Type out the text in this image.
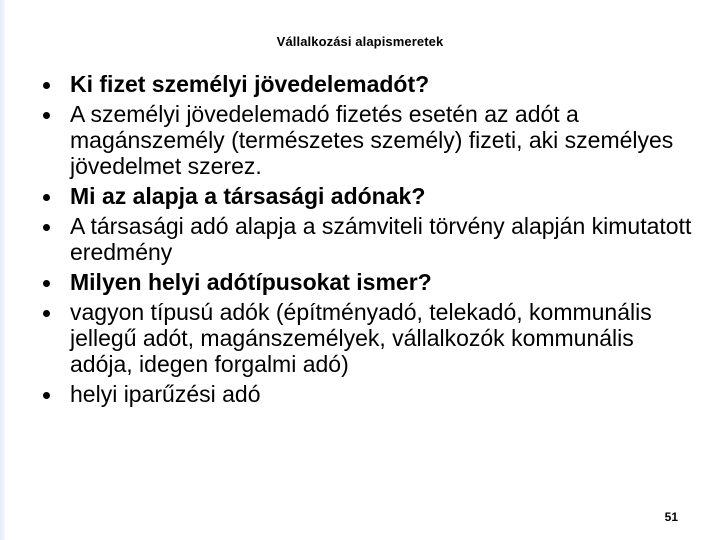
Vállalkozási alapismeretek
Ki fizet személyi jövedelemadót?
A személyi jövedelemadó fizetés esetén az adót a magánszemély (természetes személy) fizeti, aki személyes jövedelmet szerez.
Mi az alapja a társasági adónak?
A társasági adó alapja a számviteli törvény alapján kimutatott eredmény
Milyen helyi adótípusokat ismer?
vagyon típusú adók (építményadó, telekadó, kommunális jellegű adót, magánszemélyek, vállalkozók kommunális adója, idegen forgalmi adó)
helyi iparűzési adó
51
